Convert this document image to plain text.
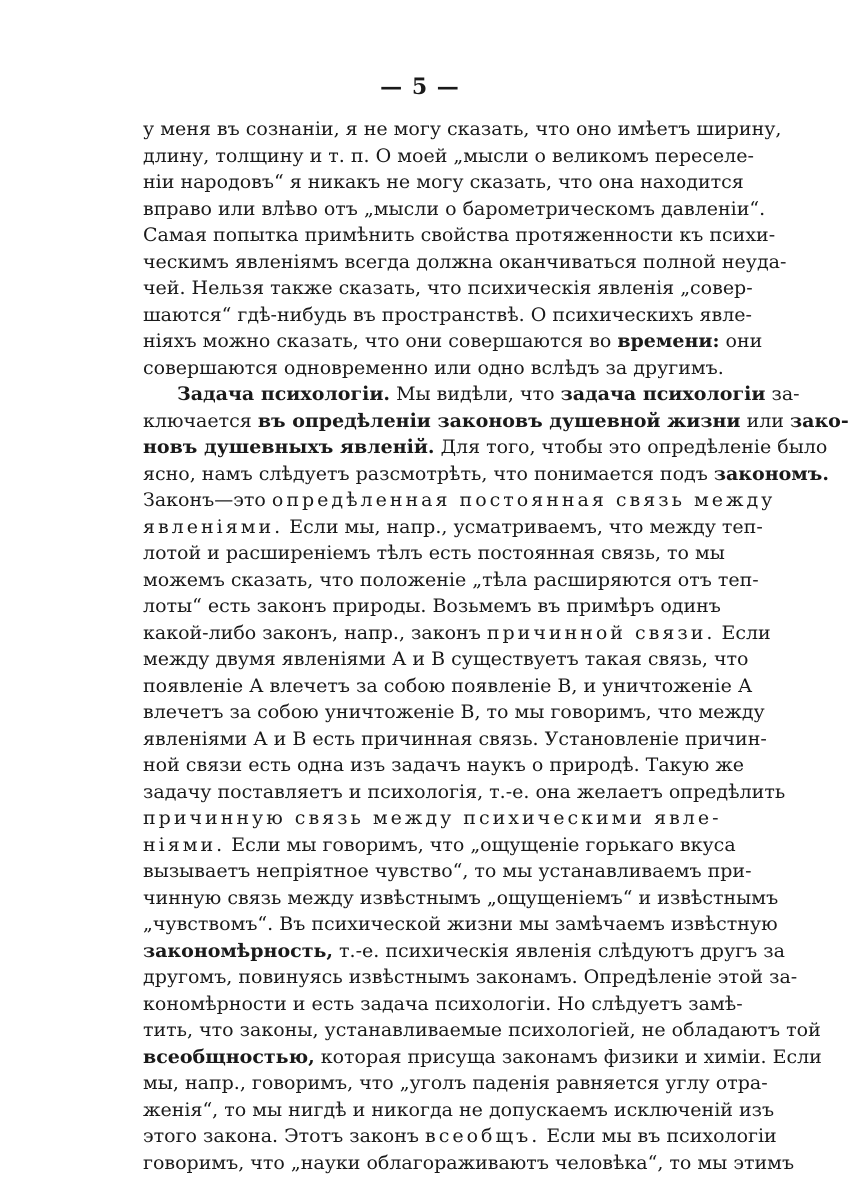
— 5 —
у меня въ сознанiи, я не могу сказать, что оно имѣетъ ширину,
длину, толщину и т. п. О моей „мысли о великомъ переселе-
нiи народовъ“ я никакъ не могу сказать, что она находится
вправо или влѣво отъ „мысли о барометрическомъ давленiи“.
Самая попытка примѣнить свойства протяженности къ психи-
ческимъ явленiямъ всегда должна оканчиваться полной неуда-
чей. Нельзя также сказать, что психическiя явленiя „совер-
шаются“ гдѣ-нибудь въ пространствѣ. О психическихъ явле-
нiяхъ можно сказать, что они совершаются во времени: они
совершаются одновременно или одно вслѣдъ за другимъ.
Задача психологiи. Мы видѣли, что задача психологiи за-
ключается въ опредѣленiи законовъ душевной жизни или зако-
новъ душевныхъ явленiй. Для того, чтобы это опредѣленiе было
ясно, намъ слѣдуетъ разсмотрѣть, что понимается подъ закономъ.
Законъ—это опредѣленная постоянная связь между
явленiями. Если мы, напр., усматриваемъ, что между теп-
лотой и расширенiемъ тѣлъ есть постоянная связь, то мы
можемъ сказать, что положенiе „тѣла расширяются отъ теп-
лоты“ есть законъ природы. Возьмемъ въ примѣръ одинъ
какой-либо законъ, напр., законъ причинной связи. Если
между двумя явленiями А и В существуетъ такая связь, что
появленiе А влечетъ за собою появленiе В, и уничтоженiе А
влечетъ за собою уничтоженiе В, то мы говоримъ, что между
явленiями А и В есть причинная связь. Установленiе причин-
ной связи есть одна изъ задачъ наукъ о природѣ. Такую же
задачу поставляетъ и психологiя, т.-е. она желаетъ опредѣлить
причинную связь между психическими явле-
нiями. Если мы говоримъ, что „ощущенiе горькаго вкуса
вызываетъ непрiятное чувство“, то мы устанавливаемъ при-
чинную связь между извѣстнымъ „ощущенiемъ“ и извѣстнымъ
„чувствомъ“. Въ психической жизни мы замѣчаемъ извѣстную
закономѣрность, т.-е. психическiя явленiя слѣдуютъ другъ за
другомъ, повинуясь извѣстнымъ законамъ. Опредѣленiе этой за-
кономѣрности и есть задача психологiи. Но слѣдуетъ замѣ-
тить, что законы, устанавливаемые психологiей, не обладаютъ той
всеобщностью, которая присуща законамъ физики и химiи. Если
мы, напр., говоримъ, что „уголъ паденiя равняется углу отра-
женiя“, то мы нигдѣ и никогда не допускаемъ исключенiй изъ
этого закона. Этотъ законъ всеобщъ. Если мы въ психологiи
говоримъ, что „науки облагораживаютъ человѣка“, то мы этимъ
